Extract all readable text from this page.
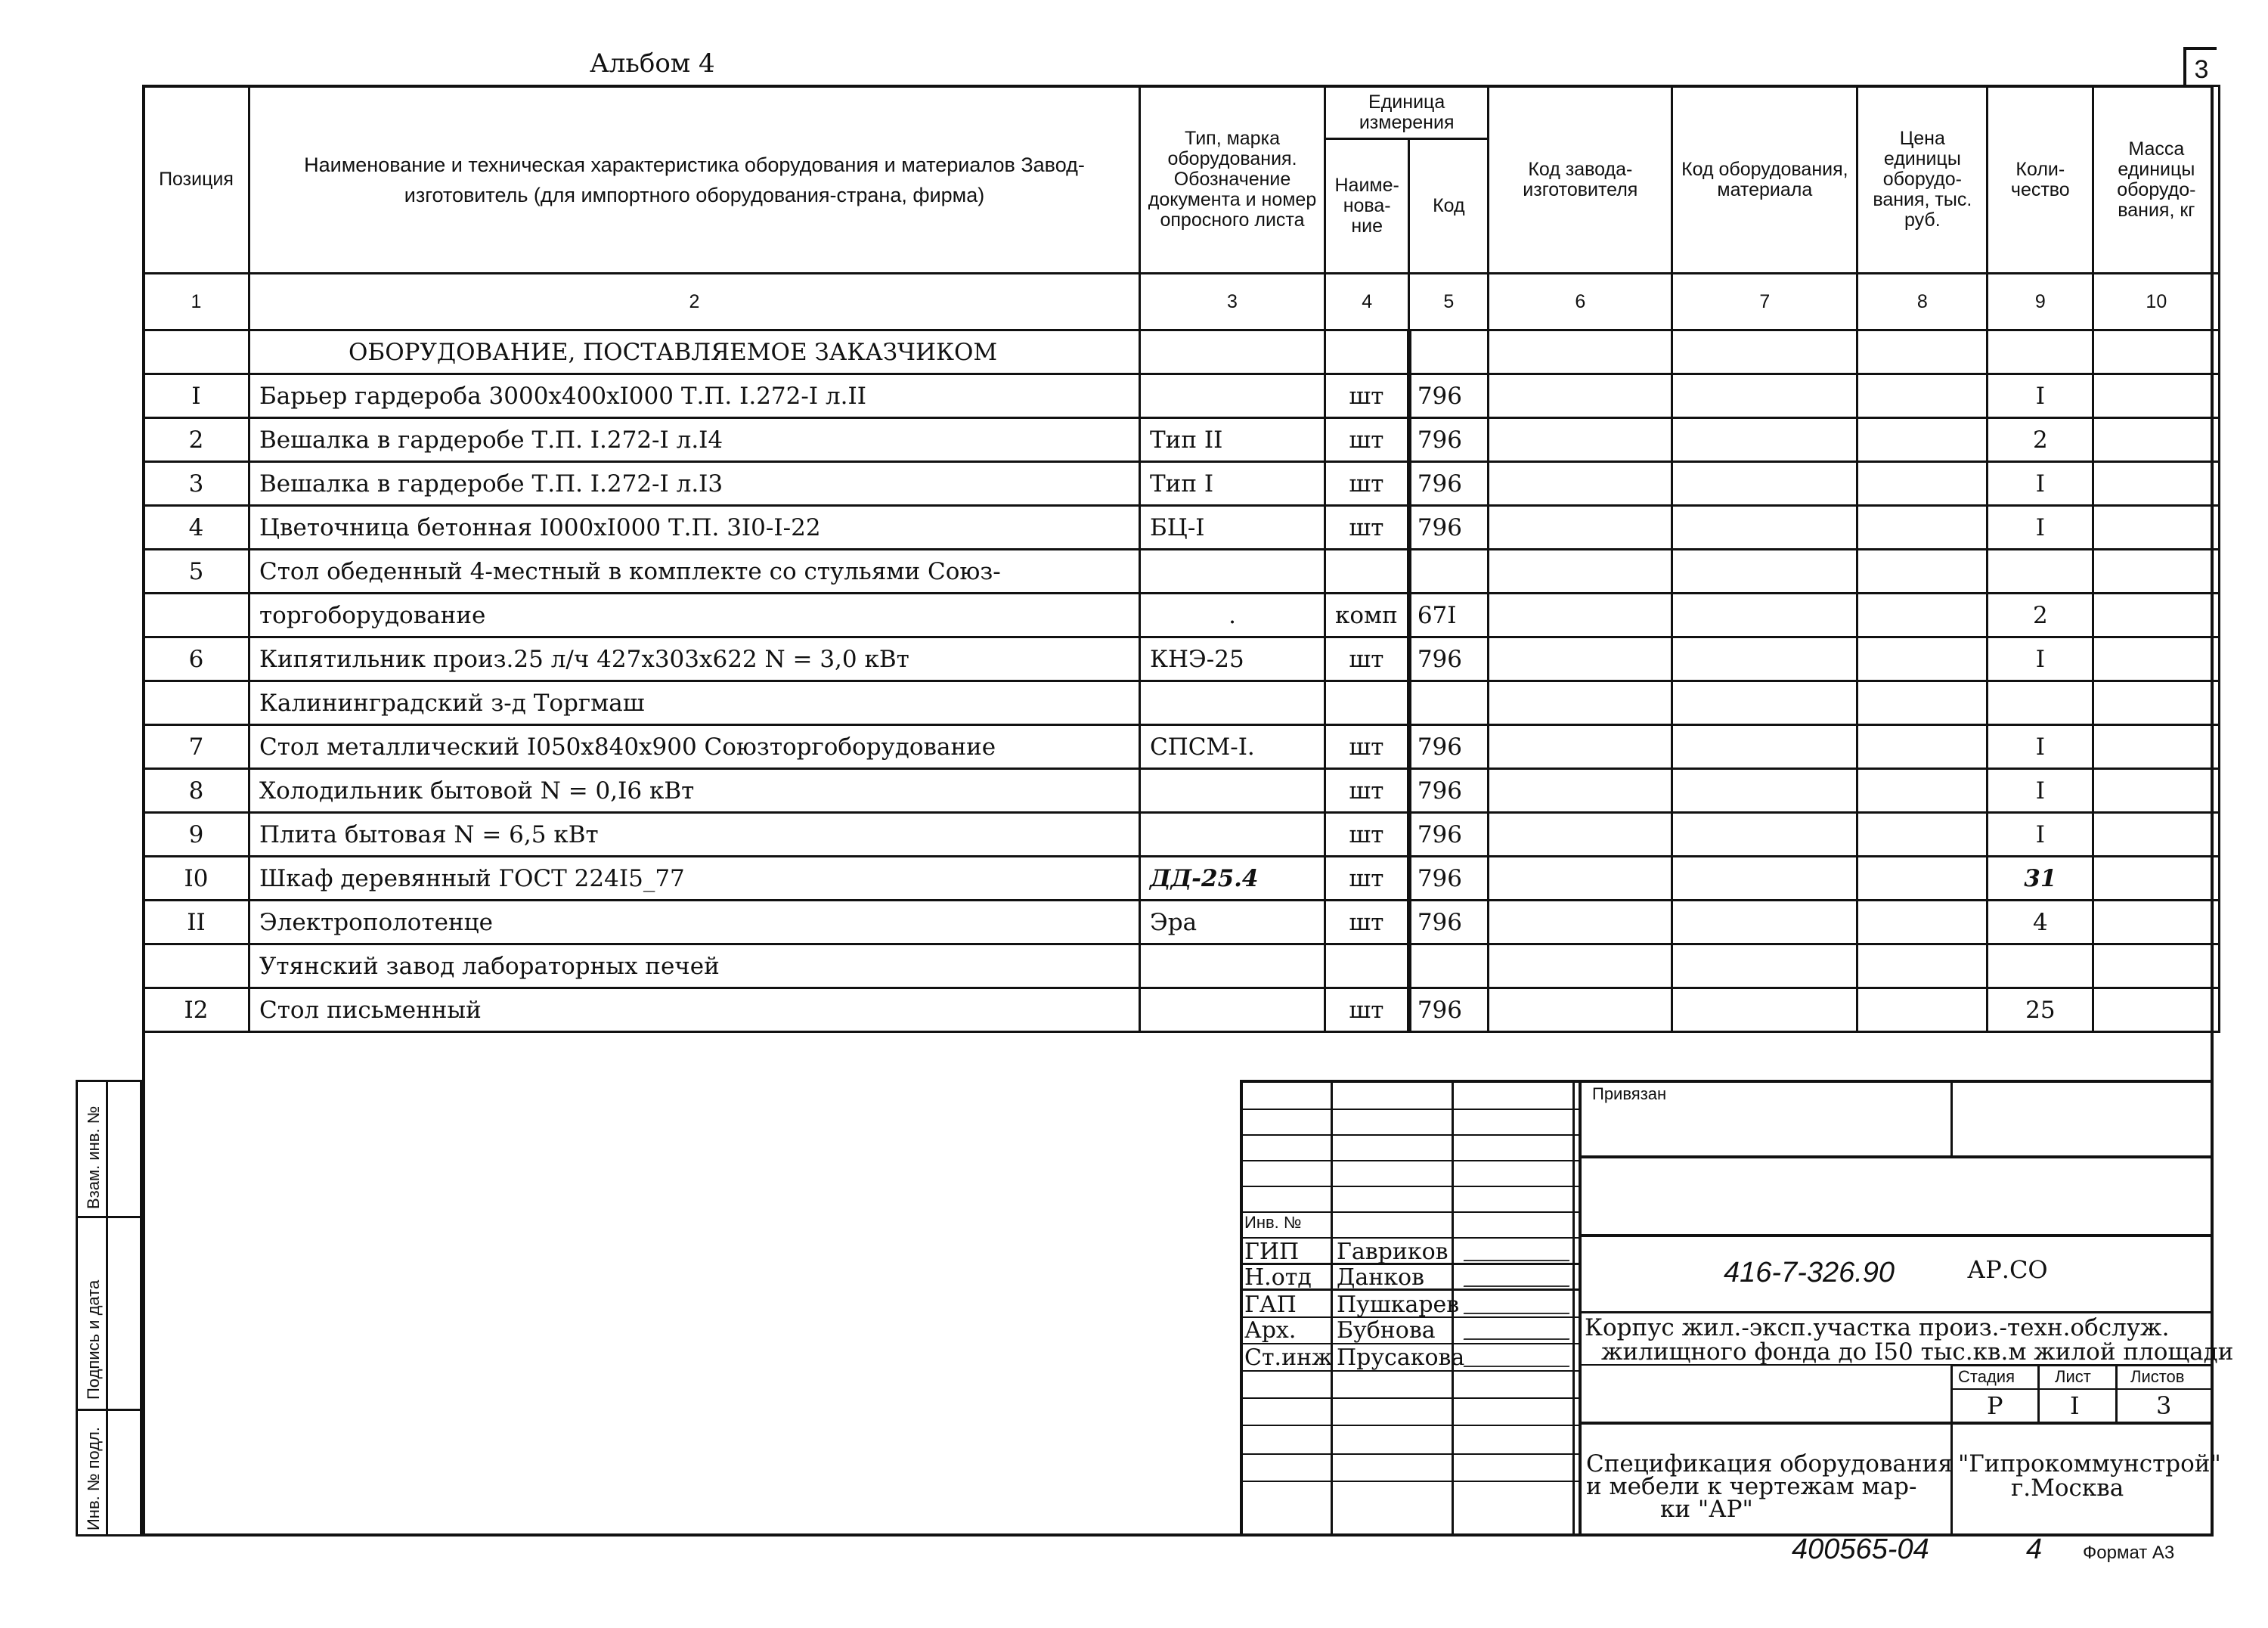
Альбом 4	3
Позиция	Наименование и техническая характеристика оборудования и материалов Завод-изготовитель (для импортного оборудования-страна, фирма)	Тип, марка оборудования. Обозначение документа и номер опросного листа	Единица измерения		Код завода-изготовителя	Код оборудования, материала	Цена единицы оборудо-вания, тыс. руб.	Коли-чество	Масса единицы оборудо-вания, кг
			Наиме-нова-ние	Код					
1	2	3	4	5	6	7	8	9	10
	ОБОРУДОВАНИЕ, ПОСТАВЛЯЕМОЕ ЗАКАЗЧИКОМ								
I	Барьер гардероба 3000х400хI000 Т.П. I.272-I л.II		шт	796				I	
2	Вешалка в гардеробе Т.П. I.272-I л.I4	Тип II	шт	796				2	
3	Вешалка в гардеробе Т.П. I.272-I л.I3	Тип I	шт	796				I	
4	Цветочница бетонная I000хI000 Т.П. 3I0-I-22	БЦ-I	шт	796				I	
5	Стол обеденный 4-местный в комплекте со стульями Союз-								
	торгоборудование	.	комп	67I				2	
6	Кипятильник произ.25 л/ч 427х303х622 N = 3,0 кВт	КНЭ-25	шт	796				I	
	Калининградский з-д Торгмаш								
7	Стол металлический I050х840х900 Союзторгоборудование	СПСМ-I.	шт	796				I	
8	Холодильник бытовой N = 0,I6 кВт		шт	796				I	
9	Плита бытовая N = 6,5 кВт		шт	796				I	
I0	Шкаф деревянный ГОСТ 224I5_77	ДД-25.4	шт	796				31	
II	Электрополотенце	Эра	шт	796				4	
	Утянский завод лабораторных печей								
I2	Стол письменный		шт	796				25	
Взам. инв. №
Подпись и дата
Инв. № подл.
Привязан
Инв. №
ГИП Гавриков
Н.отд Данков
ГАП Пушкарев
Арх. Бубнова
Ст.инж Прусакова
416-7-326.90	АР.СО
Корпус жил.-эксп.участка произ.-техн.обслуж.
жилищного фонда до I50 тыс.кв.м жилой площади
Стадия Лист Листов
Р	I	3
Спецификация оборудования
и мебели к чертежам мар-
ки "АР"
"Гипрокоммунстрой"
г.Москва
400565-04	4 Формат А3
